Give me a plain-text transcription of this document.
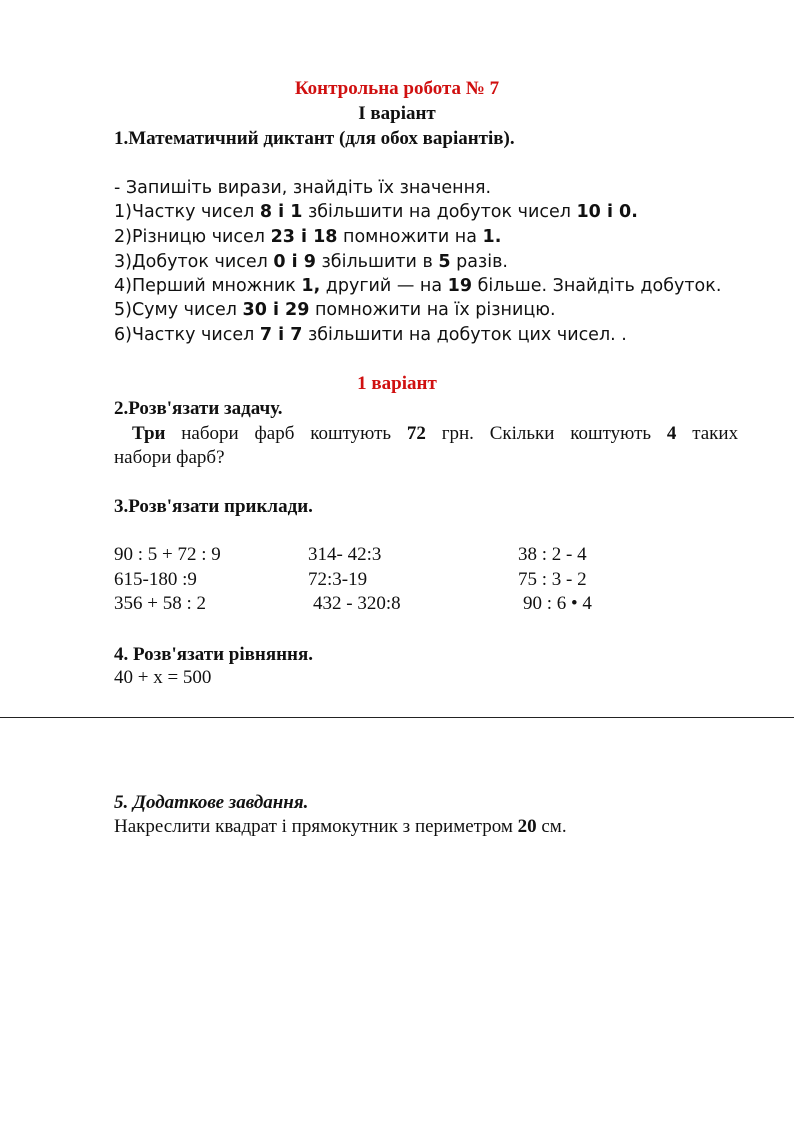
Контрольна робота № 7
І варіант
1.Математичний диктант (для обох варіантів).
- Запишіть вирази, знайдіть їх значення.
1)Частку чисел 8 і 1 збільшити на добуток чисел 10 і 0.
2)Різницю чисел 23 і 18 помножити на 1.
3)Добуток чисел 0 і 9 збільшити в 5 разів.
4)Перший множник 1, другий — на 19 більше. Знайдіть добуток.
5)Суму чисел 30 і 29 помножити на їх різницю.
6)Частку чисел 7 і 7 збільшити на добуток цих чисел. .
1 варіант
2.Розв'язати задачу.
Три набори фарб коштують 72 грн. Скільки коштують 4 таких
набори фарб?
3.Розв'язати приклади.
90 : 5 + 72 : 9	314- 42:3	38 : 2 - 4
615-180 :9	72:3-19	75 : 3 - 2
356 + 58 : 2	432 - 320:8	90 : 6 • 4
4. Розв'язати рівняння.
40 + х = 500
5. Додаткове завдання.
Накреслити квадрат і прямокутник з периметром 20 см.
